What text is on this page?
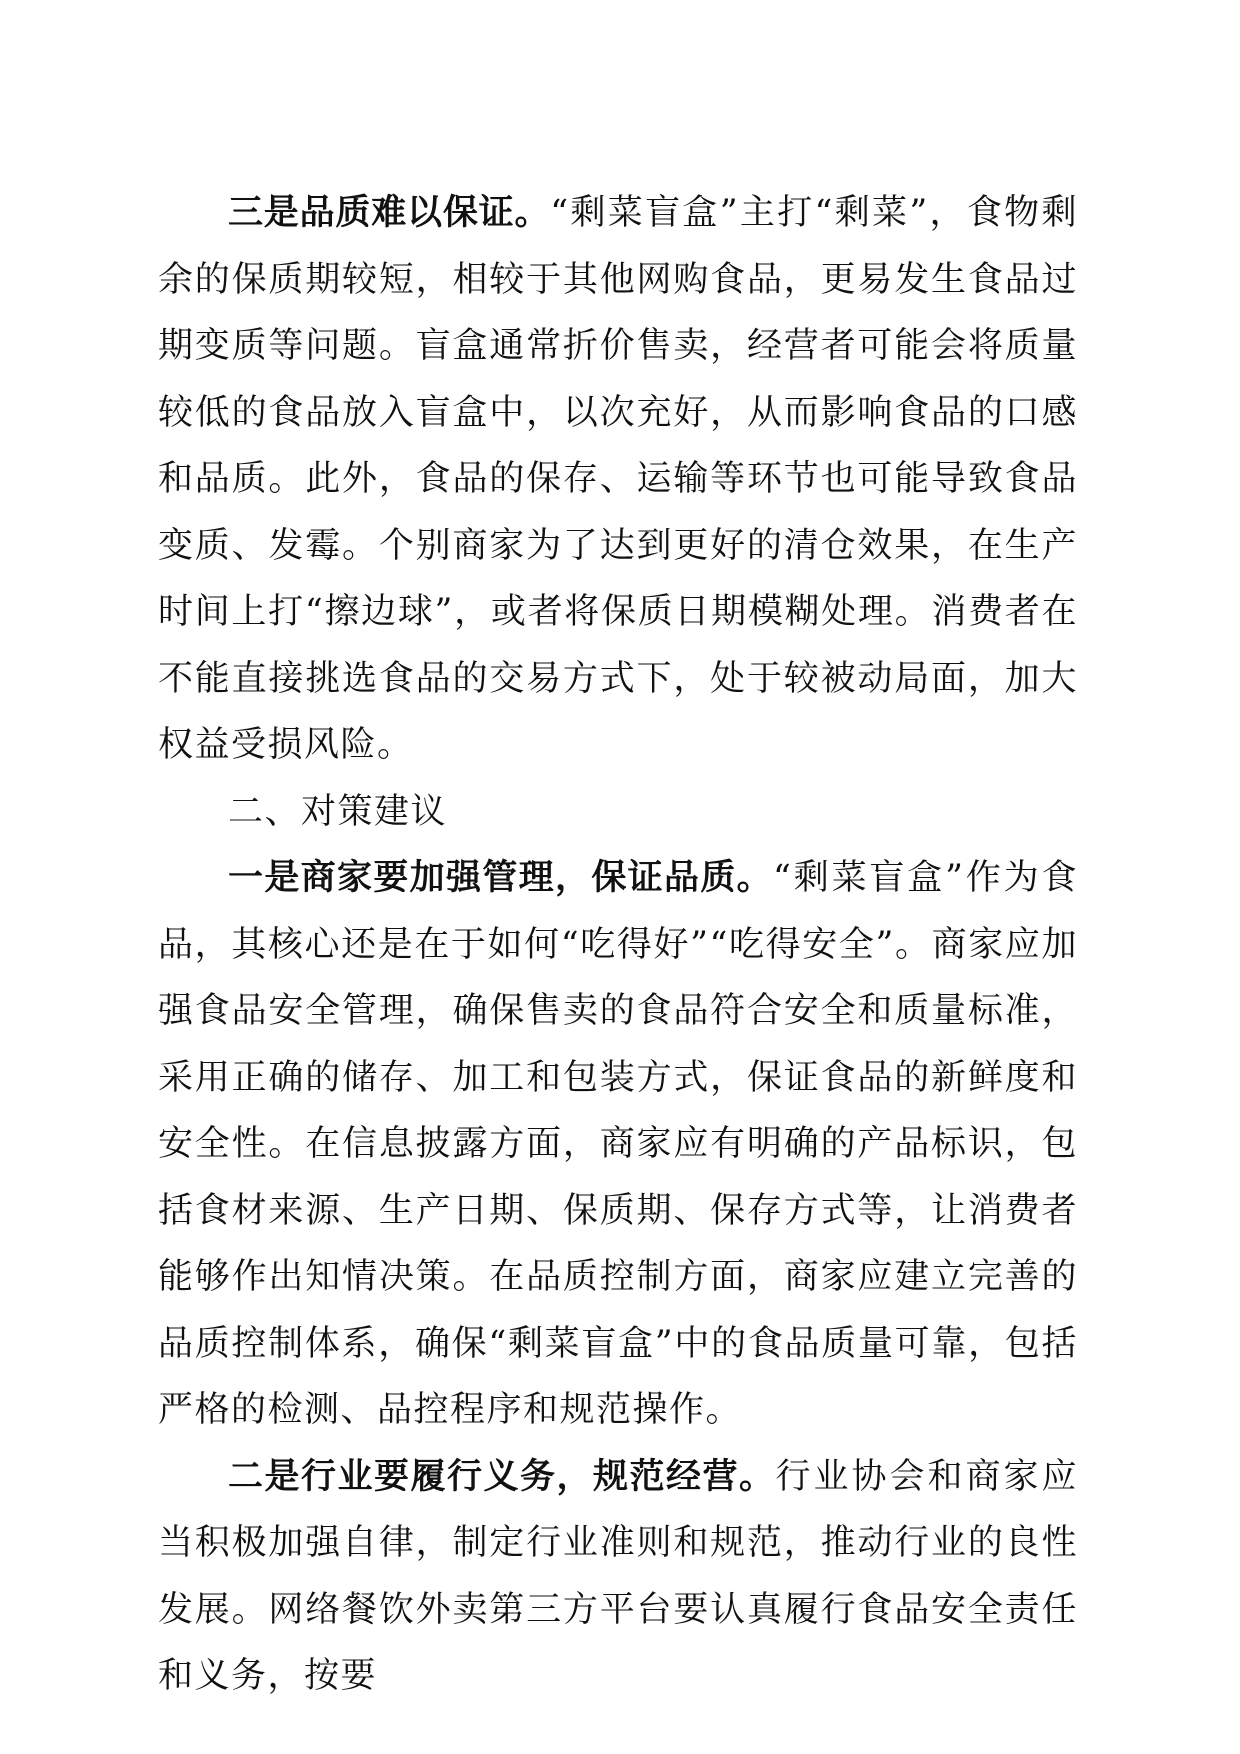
三是品质难以保证。“剩菜盲盒”主打“剩菜”，食物剩余的保质期较短，相较于其他网购食品，更易发生食品过期变质等问题。盲盒通常折价售卖，经营者可能会将质量较低的食品放入盲盒中，以次充好，从而影响食品的口感和品质。此外，食品的保存、运输等环节也可能导致食品变质、发霉。个别商家为了达到更好的清仓效果，在生产时间上打“擦边球”，或者将保质日期模糊处理。消费者在不能直接挑选食品的交易方式下，处于较被动局面，加大权益受损风险。

二、对策建议

一是商家要加强管理，保证品质。“剩菜盲盒”作为食品，其核心还是在于如何“吃得好”“吃得安全”。商家应加强食品安全管理，确保售卖的食品符合安全和质量标准，采用正确的储存、加工和包装方式，保证食品的新鲜度和安全性。在信息披露方面，商家应有明确的产品标识，包括食材来源、生产日期、保质期、保存方式等，让消费者能够作出知情决策。在品质控制方面，商家应建立完善的品质控制体系，确保“剩菜盲盒”中的食品质量可靠，包括严格的检测、品控程序和规范操作。

二是行业要履行义务，规范经营。行业协会和商家应当积极加强自律，制定行业准则和规范，推动行业的良性发展。网络餐饮外卖第三方平台要认真履行食品安全责任和义务，按要
